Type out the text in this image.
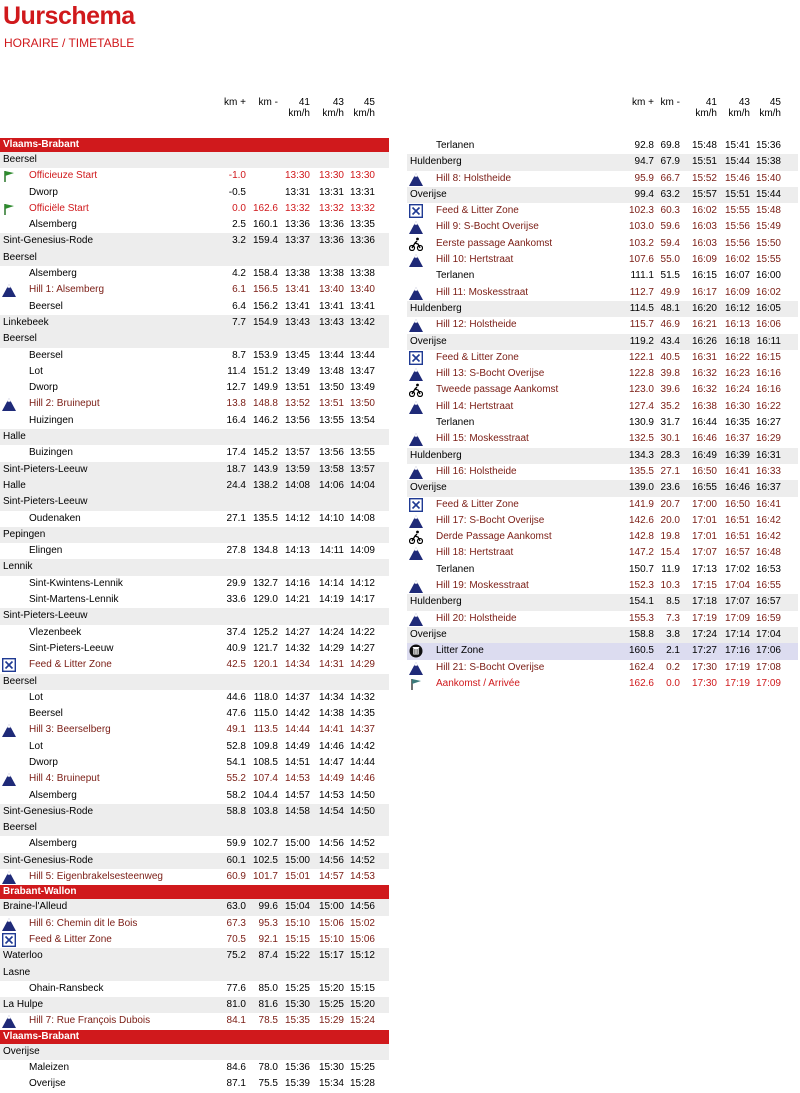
Uurschema
HORAIRE / TIMETABLE
km +	km -	41
km/h
43
km/h
45
km/h
Vlaams-Brabant
Beersel
Officieuze Start	-1.0	13:30 13:30 13:30
Dworp	-0.5	13:31 13:31 13:31
Officiële Start	0.0 162.6 13:32 13:32 13:32
Alsemberg	2.5 160.1 13:36 13:36 13:35
Sint-Genesius-Rode	3.2 159.4 13:37 13:36 13:36
Beersel
Alsemberg	4.2 158.4 13:38 13:38 13:38
Hill 1: Alsemberg	6.1 156.5 13:41 13:40 13:40
Beersel	6.4 156.2 13:41 13:41 13:41
Linkebeek	7.7 154.9 13:43 13:43 13:42
Beersel
Beersel	8.7 153.9 13:45 13:44 13:44
Lot	11.4 151.2 13:49 13:48 13:47
Dworp	12.7 149.9 13:51 13:50 13:49
Hill 2: Bruineput	13.8 148.8 13:52 13:51 13:50
Huizingen	16.4 146.2 13:56 13:55 13:54
Halle
Buizingen	17.4 145.2 13:57 13:56 13:55
Sint-Pieters-Leeuw	18.7 143.9 13:59 13:58 13:57
Halle	24.4 138.2 14:08 14:06 14:04
Sint-Pieters-Leeuw
Oudenaken	27.1 135.5 14:12 14:10 14:08
Pepingen
Elingen	27.8 134.8 14:13 14:11 14:09
Lennik
Sint-Kwintens-Lennik	29.9 132.7 14:16 14:14 14:12
Sint-Martens-Lennik	33.6 129.0 14:21 14:19 14:17
Sint-Pieters-Leeuw
Vlezenbeek	37.4 125.2 14:27 14:24 14:22
Sint-Pieters-Leeuw	40.9 121.7 14:32 14:29 14:27
Feed & Litter Zone	42.5 120.1 14:34 14:31 14:29
Beersel
Lot	44.6 118.0 14:37 14:34 14:32
Beersel	47.6 115.0 14:42 14:38 14:35
Hill 3: Beerselberg	49.1 113.5 14:44 14:41 14:37
Lot	52.8 109.8 14:49 14:46 14:42
Dworp	54.1 108.5 14:51 14:47 14:44
Hill 4: Bruineput	55.2 107.4 14:53 14:49 14:46
Alsemberg	58.2 104.4 14:57 14:53 14:50
Sint-Genesius-Rode	58.8 103.8 14:58 14:54 14:50
Beersel
Alsemberg	59.9 102.7 15:00 14:56 14:52
Sint-Genesius-Rode	60.1 102.5 15:00 14:56 14:52
Hill 5: Eigenbrakelsesteenweg	60.9 101.7 15:01 14:57 14:53
Brabant-Wallon
Braine-l'Alleud	63.0	99.6 15:04 15:00 14:56
Hill 6: Chemin dit le Bois	67.3	95.3 15:10 15:06 15:02
Feed & Litter Zone	70.5	92.1 15:15 15:10 15:06
Waterloo	75.2	87.4 15:22 15:17 15:12
Lasne
Ohain-Ransbeck	77.6	85.0 15:25 15:20 15:15
La Hulpe	81.0	81.6 15:30 15:25 15:20
Hill 7: Rue François Dubois	84.1	78.5 15:35 15:29 15:24
Vlaams-Brabant
Overijse
Maleizen	84.6	78.0 15:36 15:30 15:25
Overijse	87.1	75.5 15:39 15:34 15:28
km + km -	41
km/h
43
km/h
45
km/h
Terlanen	92.8 69.8	15:48 15:41 15:36
Huldenberg	94.7 67.9	15:51 15:44 15:38
Hill 8: Holstheide	95.9 66.7	15:52 15:46 15:40
Overijse	99.4 63.2	15:57 15:51 15:44
Feed & Litter Zone	102.3 60.3	16:02 15:55 15:48
Hill 9: S-Bocht Overijse	103.0 59.6	16:03 15:56 15:49
Eerste passage Aankomst	103.2 59.4	16:03 15:56 15:50
Hill 10: Hertstraat	107.6 55.0	16:09 16:02 15:55
Terlanen	111.1 51.5	16:15 16:07 16:00
Hill 11: Moskesstraat	112.7 49.9	16:17 16:09 16:02
Huldenberg	114.5 48.1	16:20 16:12 16:05
Hill 12: Holstheide	115.7 46.9	16:21 16:13 16:06
Overijse	119.2 43.4	16:26 16:18 16:11
Feed & Litter Zone	122.1 40.5	16:31 16:22 16:15
Hill 13: S-Bocht Overijse	122.8 39.8	16:32 16:23 16:16
Tweede passage Aankomst	123.0 39.6	16:32 16:24 16:16
Hill 14: Hertstraat	127.4 35.2	16:38 16:30 16:22
Terlanen	130.9 31.7	16:44 16:35 16:27
Hill 15: Moskesstraat	132.5 30.1	16:46 16:37 16:29
Huldenberg	134.3 28.3	16:49 16:39 16:31
Hill 16: Holstheide	135.5 27.1	16:50 16:41 16:33
Overijse	139.0 23.6	16:55 16:46 16:37
Feed & Litter Zone	141.9 20.7	17:00 16:50 16:41
Hill 17: S-Bocht Overijse	142.6 20.0	17:01 16:51 16:42
Derde Passage Aankomst	142.8 19.8	17:01 16:51 16:42
Hill 18: Hertstraat	147.2 15.4	17:07 16:57 16:48
Terlanen	150.7 11.9	17:13 17:02 16:53
Hill 19: Moskesstraat	152.3 10.3	17:15 17:04 16:55
Huldenberg	154.1	8.5	17:18 17:07 16:57
Hill 20: Holstheide	155.3	7.3	17:19 17:09 16:59
Overijse	158.8	3.8	17:24 17:14 17:04
Litter Zone	160.5	2.1	17:27 17:16 17:06
Hill 21: S-Bocht Overijse	162.4	0.2	17:30 17:19 17:08
Aankomst / Arrivée	162.6	0.0	17:30 17:19 17:09
